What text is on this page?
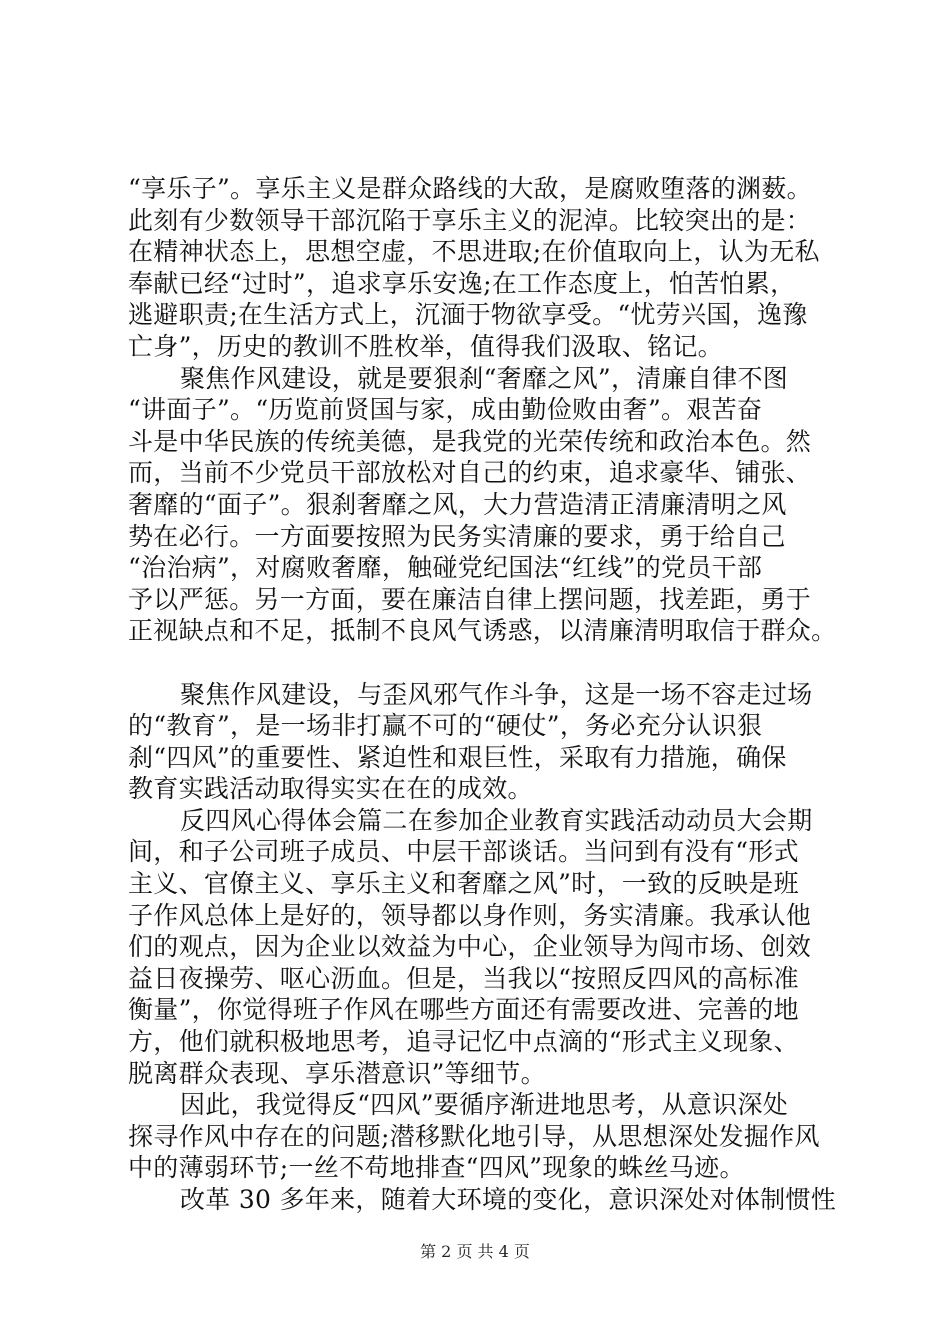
“享乐子”。享乐主义是群众路线的大敌，是腐败堕落的渊薮。
此刻有少数领导干部沉陷于享乐主义的泥淖。比较突出的是：
在精神状态上，思想空虚，不思进取;在价值取向上，认为无私
奉献已经“过时”，追求享乐安逸;在工作态度上，怕苦怕累，
逃避职责;在生活方式上，沉湎于物欲享受。“忧劳兴国，逸豫
亡身”，历史的教训不胜枚举，值得我们汲取、铭记。
聚焦作风建设，就是要狠刹“奢靡之风”，清廉自律不图
“讲面子”。“历览前贤国与家，成由勤俭败由奢”。艰苦奋
斗是中华民族的传统美德，是我党的光荣传统和政治本色。然
而，当前不少党员干部放松对自己的约束，追求豪华、铺张、
奢靡的“面子”。狠刹奢靡之风，大力营造清正清廉清明之风
势在必行。一方面要按照为民务实清廉的要求，勇于给自己
“治治病”，对腐败奢靡，触碰党纪国法“红线”的党员干部
予以严惩。另一方面，要在廉洁自律上摆问题，找差距，勇于
正视缺点和不足，抵制不良风气诱惑，以清廉清明取信于群众。
聚焦作风建设，与歪风邪气作斗争，这是一场不容走过场
的“教育”，是一场非打赢不可的“硬仗”，务必充分认识狠
刹“四风”的重要性、紧迫性和艰巨性，采取有力措施，确保
教育实践活动取得实实在在的成效。
反四风心得体会篇二在参加企业教育实践活动动员大会期
间，和子公司班子成员、中层干部谈话。当问到有没有“形式
主义、官僚主义、享乐主义和奢靡之风”时，一致的反映是班
子作风总体上是好的，领导都以身作则，务实清廉。我承认他
们的观点，因为企业以效益为中心，企业领导为闯市场、创效
益日夜操劳、呕心沥血。但是，当我以“按照反四风的高标准
衡量”，你觉得班子作风在哪些方面还有需要改进、完善的地
方，他们就积极地思考，追寻记忆中点滴的“形式主义现象、
脱离群众表现、享乐潜意识”等细节。
因此，我觉得反“四风”要循序渐进地思考，从意识深处
探寻作风中存在的问题;潜移默化地引导，从思想深处发掘作风
中的薄弱环节;一丝不苟地排查“四风”现象的蛛丝马迹。
改革 30 多年来，随着大环境的变化，意识深处对体制惯性
第 2 页 共 4 页
